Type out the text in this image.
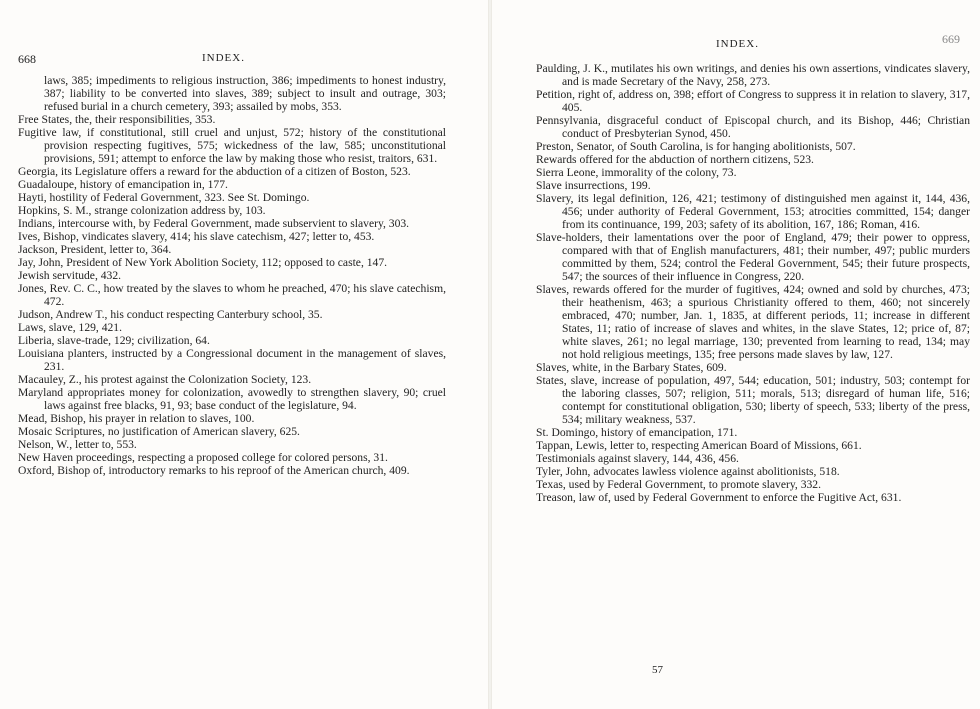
668	INDEX.
laws, 385; impediments to religious instruction, 386; impediments to honest industry, 387; liability to be converted into slaves, 389; subject to insult and outrage, 303; refused burial in a church cemetery, 393; assailed by mobs, 353.
Free States, the, their responsibilities, 353.
Fugitive law, if constitutional, still cruel and unjust, 572; history of the constitutional provision respecting fugitives, 575; wickedness of the law, 585; unconstitutional provisions, 591; attempt to enforce the law by making those who resist, traitors, 631.
Georgia, its Legislature offers a reward for the abduction of a citizen of Boston, 523.
Guadaloupe, history of emancipation in, 177.
Hayti, hostility of Federal Government, 323. See St. Domingo.
Hopkins, S. M., strange colonization address by, 103.
Indians, intercourse with, by Federal Government, made subservient to slavery, 303.
Ives, Bishop, vindicates slavery, 414; his slave catechism, 427; letter to, 453.
Jackson, President, letter to, 364.
Jay, John, President of New York Abolition Society, 112; opposed to caste, 147.
Jewish servitude, 432.
Jones, Rev. C. C., how treated by the slaves to whom he preached, 470; his slave catechism, 472.
Judson, Andrew T., his conduct respecting Canterbury school, 35.
Laws, slave, 129, 421.
Liberia, slave-trade, 129; civilization, 64.
Louisiana planters, instructed by a Congressional document in the management of slaves, 231.
Macauley, Z., his protest against the Colonization Society, 123.
Maryland appropriates money for colonization, avowedly to strengthen slavery, 90; cruel laws against free blacks, 91, 93; base conduct of the legislature, 94.
Mead, Bishop, his prayer in relation to slaves, 100.
Mosaic Scriptures, no justification of American slavery, 625.
Nelson, W., letter to, 553.
New Haven proceedings, respecting a proposed college for colored persons, 31.
Oxford, Bishop of, introductory remarks to his reproof of the American church, 409.
INDEX.	669
Paulding, J. K., mutilates his own writings, and denies his own assertions, vindicates slavery, and is made Secretary of the Navy, 258, 273.
Petition, right of, address on, 398; effort of Congress to suppress it in relation to slavery, 317, 405.
Pennsylvania, disgraceful conduct of Episcopal church, and its Bishop, 446; Christian conduct of Presbyterian Synod, 450.
Preston, Senator, of South Carolina, is for hanging abolitionists, 507.
Rewards offered for the abduction of northern citizens, 523.
Sierra Leone, immorality of the colony, 73.
Slave insurrections, 199.
Slavery, its legal definition, 126, 421; testimony of distinguished men against it, 144, 436, 456; under authority of Federal Government, 153; atrocities committed, 154; danger from its continuance, 199, 203; safety of its abolition, 167, 186; Roman, 416.
Slave-holders, their lamentations over the poor of England, 479; their power to oppress, compared with that of English manufacturers, 481; their number, 497; public murders committed by them, 524; control the Federal Government, 545; their future prospects, 547; the sources of their influence in Congress, 220.
Slaves, rewards offered for the murder of fugitives, 424; owned and sold by churches, 473; their heathenism, 463; a spurious Christianity offered to them, 460; not sincerely embraced, 470; number, Jan. 1, 1835, at different periods, 11; increase in different States, 11; ratio of increase of slaves and whites, in the slave States, 12; price of, 87; white slaves, 261; no legal marriage, 130; prevented from learning to read, 134; may not hold religious meetings, 135; free persons made slaves by law, 127.
Slaves, white, in the Barbary States, 609.
States, slave, increase of population, 497, 544; education, 501; industry, 503; contempt for the laboring classes, 507; religion, 511; morals, 513; disregard of human life, 516; contempt for constitutional obligation, 530; liberty of speech, 533; liberty of the press, 534; military weakness, 537.
St. Domingo, history of emancipation, 171.
Tappan, Lewis, letter to, respecting American Board of Missions, 661.
Testimonials against slavery, 144, 436, 456.
Tyler, John, advocates lawless violence against abolitionists, 518.
Texas, used by Federal Government, to promote slavery, 332.
Treason, law of, used by Federal Government to enforce the Fugitive Act, 631.
57
